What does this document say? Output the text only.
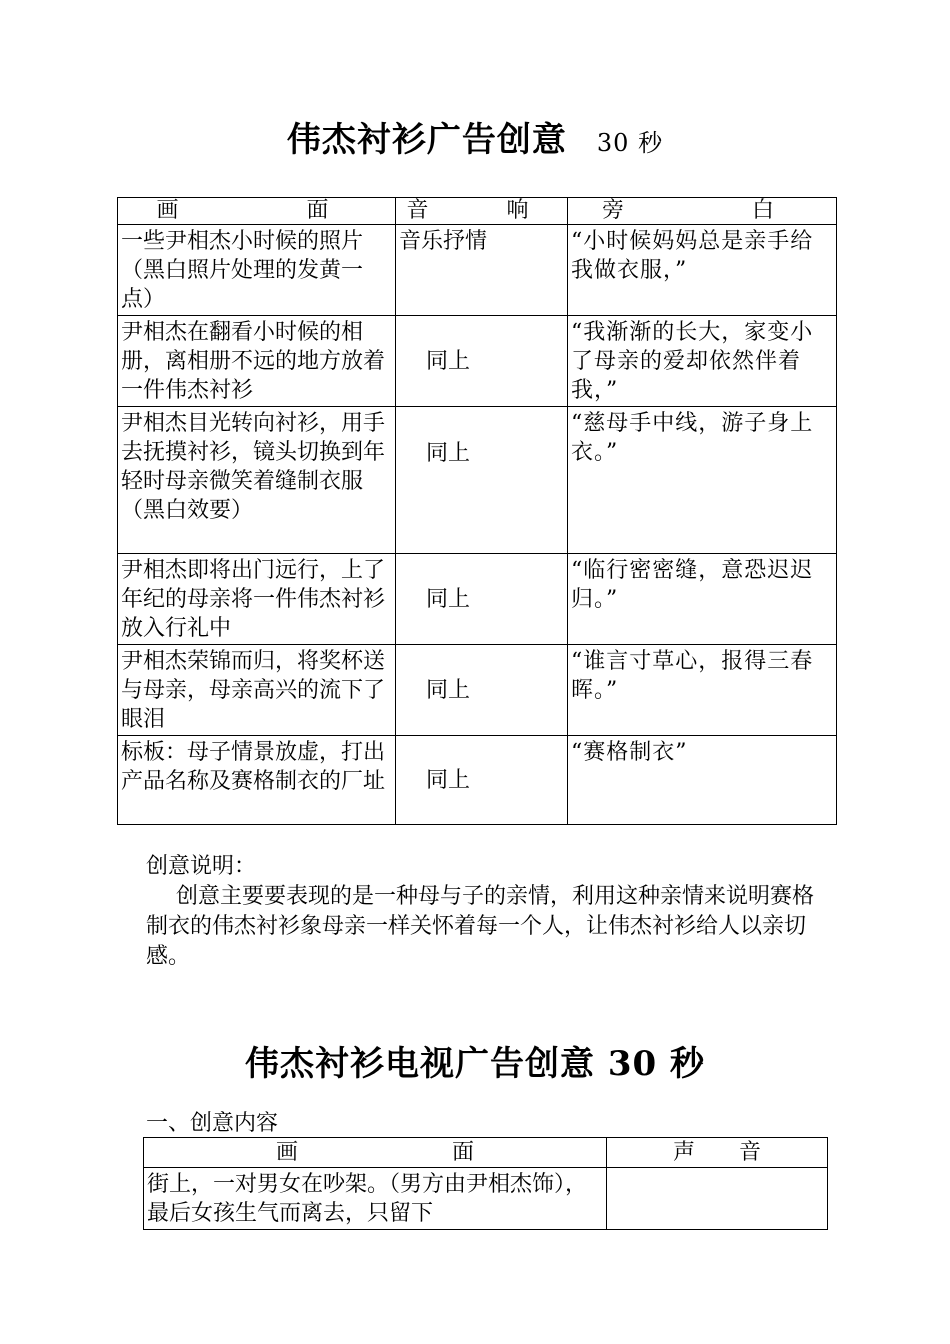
伟杰衬衫广告创意 30 秒
画　　面	音　响	旁　　白
一些尹相杰小时候的照片（黑白照片处理的发黄一点）	音乐抒情	“小时候妈妈总是亲手给我做衣服，”
尹相杰在翻看小时候的相册，离相册不远的地方放着一件伟杰衬衫	同上	“我渐渐的长大，家变小了母亲的爱却依然伴着我，”
尹相杰目光转向衬衫，用手去抚摸衬衫，镜头切换到年轻时母亲微笑着缝制衣服（黑白效要）	同上	“慈母手中线，游子身上衣。”
尹相杰即将出门远行，上了年纪的母亲将一件伟杰衬衫放入行礼中	同上	“临行密密缝，意恐迟迟归。”
尹相杰荣锦而归，将奖杯送与母亲，母亲高兴的流下了眼泪	同上	“谁言寸草心，报得三春晖。”
标板：母子情景放虚，打出产品名称及赛格制衣的厂址	同上	“赛格制衣”
创意说明：
创意主要要表现的是一种母与子的亲情，利用这种亲情来说明赛格制衣的伟杰衬衫象母亲一样关怀着每一个人，让伟杰衬衫给人以亲切感。
伟杰衬衫电视广告创意 30 秒
一、创意内容
画　　　　　　　面	声　　音
街上，一对男女在吵架。（男方由尹相杰饰），最后女孩生气而离去，只留下	
